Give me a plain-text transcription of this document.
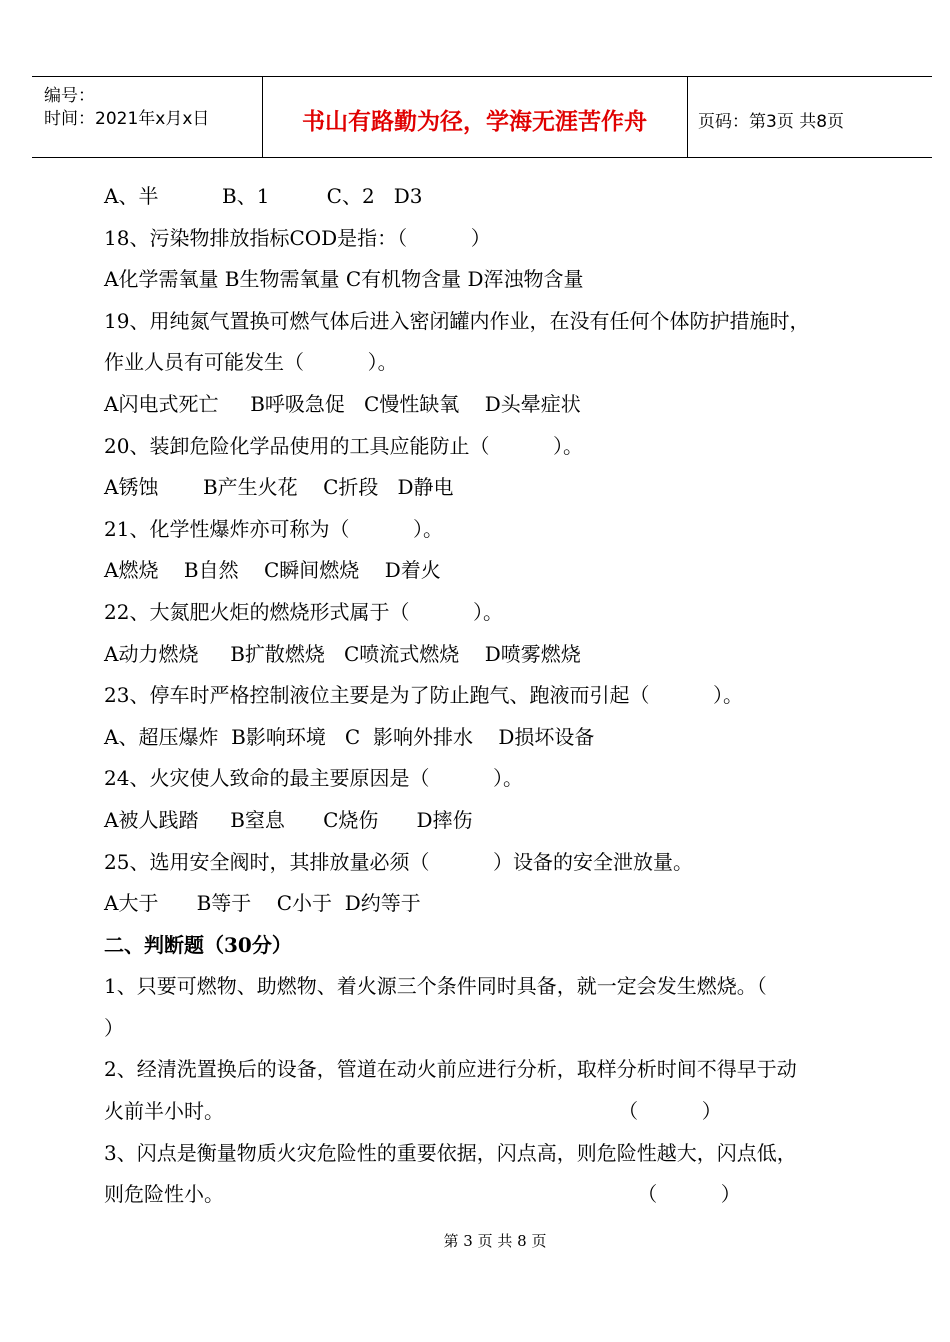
编号：
时间：2021年x月x日	书山有路勤为径，学海无涯苦作舟	页码：第3页 共8页
A、半          B、1         C、2   D3
18、污染物排放指标COD是指：（          ）
A化学需氧量 B生物需氧量 C有机物含量 D浑浊物含量
19、用纯氮气置换可燃气体后进入密闭罐内作业，在没有任何个体防护措施时，
作业人员有可能发生（          ）。
A闪电式死亡     B呼吸急促   C慢性缺氧    D头晕症状
20、装卸危险化学品使用的工具应能防止（          ）。
A锈蚀       B产生火花    C折段   D静电
21、化学性爆炸亦可称为（          ）。
A燃烧    B自然    C瞬间燃烧    D着火
22、大氮肥火炬的燃烧形式属于（          ）。
A动力燃烧     B扩散燃烧   C喷流式燃烧    D喷雾燃烧
23、停车时严格控制液位主要是为了防止跑气、跑液而引起（          ）。
A、超压爆炸  B影响环境   C  影响外排水    D损坏设备
24、火灾使人致命的最主要原因是（          ）。
A被人践踏     B窒息      C烧伤      D摔伤
25、选用安全阀时，其排放量必须（          ）设备的安全泄放量。
A大于      B等于    C小于  D约等于
二、判断题（30分）
1、只要可燃物、助燃物、着火源三个条件同时具备，就一定会发生燃烧。（
）
2、经清洗置换后的设备，管道在动火前应进行分析，取样分析时间不得早于动
火前半小时。                                                              （          ）
3、闪点是衡量物质火灾危险性的重要依据，闪点高，则危险性越大，闪点低，
则危险性小。                                                                 （          ）
第 3 页 共 8 页
